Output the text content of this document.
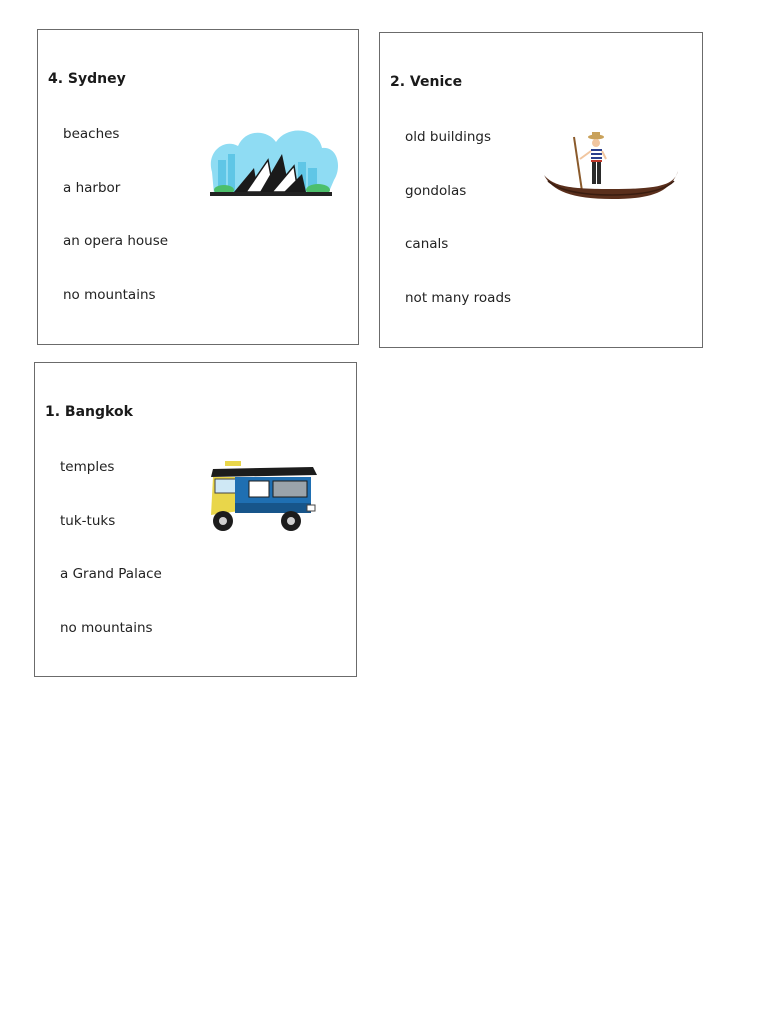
4. Sydney
beaches
a harbor
an opera house
no mountains
2. Venice
old buildings
gondolas
canals
not many roads
1. Bangkok
temples
tuk-tuks
a Grand Palace
no mountains
